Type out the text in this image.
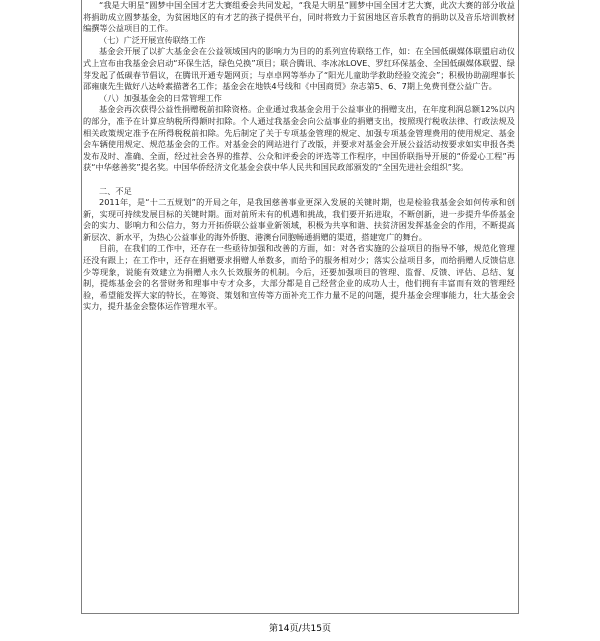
“我是大明星”圆梦中国全国才艺大赛组委会共同发起，“我是大明星”圆梦中国全国才艺大赛，此次大赛的部分收益将捐助成立圆梦基金，为贫困地区的有才艺的孩子提供平台，同时将致力于贫困地区音乐教育的捐助以及音乐培训教材编撰等公益项目的工作。

（七）广泛开展宣传联络工作

基金会开展了以扩大基金会在公益领域国内的影响力为目的的系列宣传联络工作，如：在全国低碳媒体联盟启动仪式上宣布由我基金会启动“环保生活，绿色兑换”项目；联合腾讯、李冰冰LOVE、罗红环保基金、全国低碳媒体联盟、绿芽发起了低碳春节倡议，在腾讯开通专题网页；与卓卓网等举办了“阳光儿童助学救助经验交流会”；积极协助副理事长邵雍康先生做好八达岭素描著名工作；基金会在地铁4号线和《中国商贸》杂志第5、6、7期上免费刊登公益广告。

（八）加强基金会的日常管理工作

基金会再次获得公益性捐赠税前扣除资格。企业通过我基金会用于公益事业的捐赠支出，在年度利润总额12%以内的部分，准予在计算应纳税所得额时扣除。个人通过我基金会向公益事业的捐赠支出，按照现行税收法律、行政法规及相关政策规定准予在所得税税前扣除。先后制定了关于专项基金管理的规定、加强专项基金管理费用的使用规定、基金会车辆使用规定、规范基金会的工作。对基金会的网站进行了改版，并要求对基金会开展公益活动按要求如实申报各类发布及时、准确、全面，经过社会各界的推荐、公众和评委会的评选等工作程序，中国侨联指导开展的“侨爱心工程”再获“中华慈善奖”提名奖。中国华侨经济文化基金会获中华人民共和国民政部颁发的“全国先进社会组织”奖。

二、不足

2011年，是“十二五规划”的开局之年，是我国慈善事业更深入发展的关键时期，也是检验我基金会如何传承和创新，实现可持续发展目标的关键时期。面对前所未有的机遇和挑战，我们要开拓进取，不断创新，进一步提升华侨基金会的实力、影响力和公信力，努力开拓侨联公益事业新领域，积极为共享和谐、扶贫济困发挥基金会的作用，不断提高新层次、新水平，为热心公益事业的海外侨胞、港澳台同胞畅通捐赠的渠道，搭建宽广的舞台。

目前，在我们的工作中，还存在一些亟待加强和改善的方面，如：对各省实施的公益项目的指导不够，规范化管理还没有跟上；在工作中，还存在捐赠要求捐赠人单数多，而给予的服务相对少；落实公益项目多，而给捐赠人反馈信息少等现象，说能有效建立为捐赠人永久长效服务的机制。今后，还要加强项目的管理、监督、反馈、评估、总结、复制，提炼基金会的名誉财务和理事中专才众多，大部分都是自己经营企业的成功人士，他们拥有丰富而有效的管理经验，希望能发挥大家的特长，在筹资、策划和宣传等方面补充工作力量不足的问题，提升基金会理事能力，壮大基金会实力，提升基金会整体运作管理水平。

第14页/共15页
